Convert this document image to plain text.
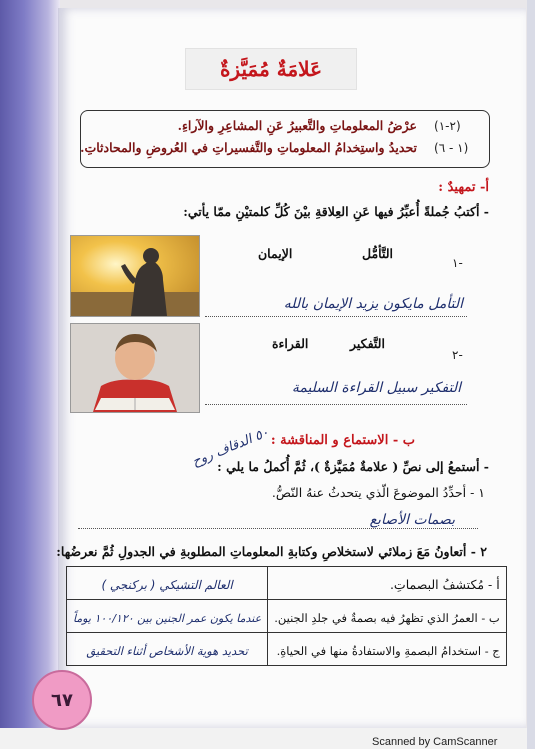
عَلامَةٌ مُمَيَّزةٌ
(٢-١)
عرْضُ المعلوماتِ والتَّعبيرُ عَنِ المشاعِرِ والآراءِ.
(١ - ٦)
تحديدُ واستِخدامُ المعلوماتِ والتَّفسيراتِ في العُروضِ والمحادثاتِ.
أ- تمهيدٌ :
- أكتبُ جُملةً أُعبِّرُ فيها عَنِ العِلاقةِ بيْنَ كُلِّ كلمتيْنِ ممّا يأتي:
١-
التَّأمُّل
الإيمان
التأمل مايكون يزيد الإيمان بالله
٢-
التَّفكير
القراءة
التفكير سبيل القراءة السليمة
ب - الاستماع و المناقشة :
٥٠ الدقاف روح
- أستمعُ إلى نصِّ ( علامةٌ مُمَيَّزةٌ )، ثُمَّ أُكملُ ما يلي :
١ - أحدِّدُ الموضوعَ الّذي يتحدثُ عنهُ النّصُّ.
بصمات الأصابع
٢ - أتعاونُ مَعَ زملائي لاستخلاصِ وكتابةِ المعلوماتِ المطلوبةِ في الجدولِ ثُمَّ نعرضُها:
العالم التشيكي ( بركنجي )	أ - مُكتشفُ البصماتِ.
عندما يكون عمر الجنين بين ١٠٠/١٢٠ يوماً	ب - العمرُ الذي تظهرُ فيه بصمةٌ في جلدِ الجنين.
تحديد هوية الأشخاص أثناء التحقيق	ج - استخدامُ البصمةِ والاستفادةُ منها في الحياةِ.
٦٧
Scanned by CamScanner
